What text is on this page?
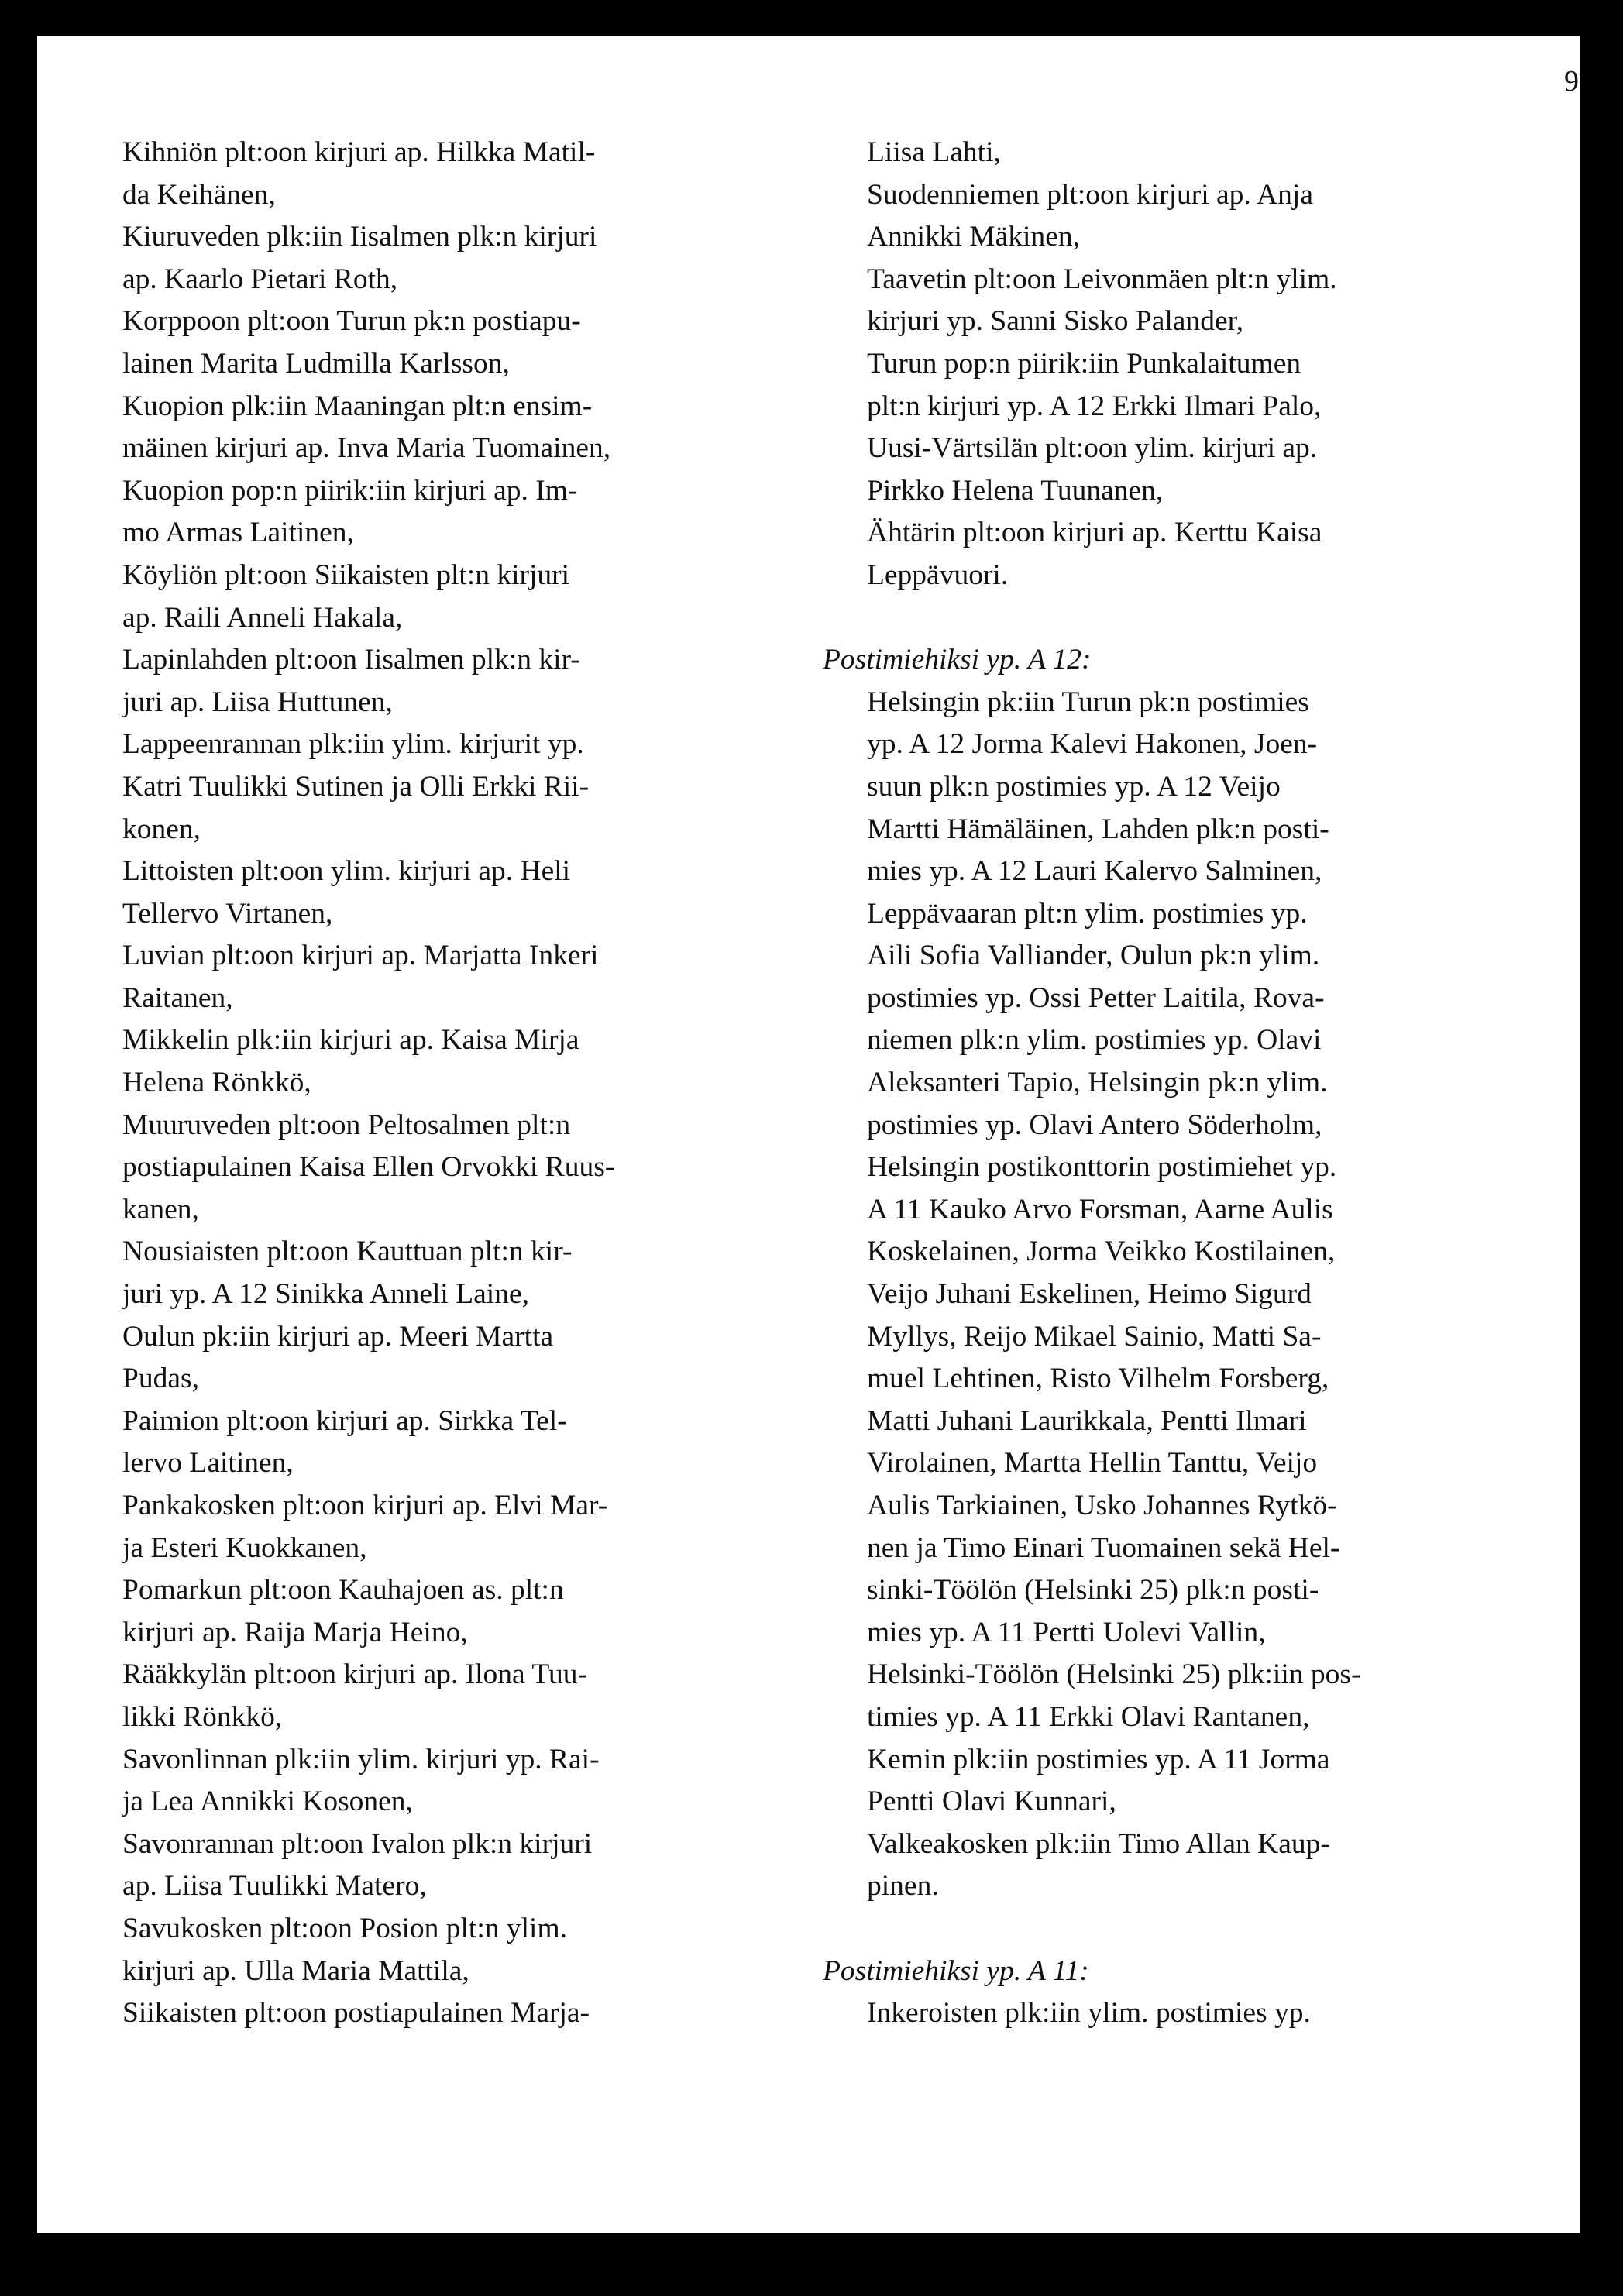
9
Kihniön plt:oon kirjuri ap. Hilkka Matil-
da Keihänen,
Kiuruveden plk:iin Iisalmen plk:n kirjuri
ap. Kaarlo Pietari Roth,
Korppoon plt:oon Turun pk:n postiapu-
lainen Marita Ludmilla Karlsson,
Kuopion plk:iin Maaningan plt:n ensim-
mäinen kirjuri ap. Inva Maria Tuomainen,
Kuopion pop:n piirik:iin kirjuri ap. Im-
mo Armas Laitinen,
Köyliön plt:oon Siikaisten plt:n kirjuri
ap. Raili Anneli Hakala,
Lapinlahden plt:oon Iisalmen plk:n kir-
juri ap. Liisa Huttunen,
Lappeenrannan plk:iin ylim. kirjurit yp.
Katri Tuulikki Sutinen ja Olli Erkki Rii-
konen,
Littoisten plt:oon ylim. kirjuri ap. Heli
Tellervo Virtanen,
Luvian plt:oon kirjuri ap. Marjatta Inkeri
Raitanen,
Mikkelin plk:iin kirjuri ap. Kaisa Mirja
Helena Rönkkö,
Muuruveden plt:oon Peltosalmen plt:n
postiapulainen Kaisa Ellen Orvokki Ruus-
kanen,
Nousiaisten plt:oon Kauttuan plt:n kir-
juri yp. A 12 Sinikka Anneli Laine,
Oulun pk:iin kirjuri ap. Meeri Martta
Pudas,
Paimion plt:oon kirjuri ap. Sirkka Tel-
lervo Laitinen,
Pankakosken plt:oon kirjuri ap. Elvi Mar-
ja Esteri Kuokkanen,
Pomarkun plt:oon Kauhajoen as. plt:n
kirjuri ap. Raija Marja Heino,
Rääkkylän plt:oon kirjuri ap. Ilona Tuu-
likki Rönkkö,
Savonlinnan plk:iin ylim. kirjuri yp. Rai-
ja Lea Annikki Kosonen,
Savonrannan plt:oon Ivalon plk:n kirjuri
ap. Liisa Tuulikki Matero,
Savukosken plt:oon Posion plt:n ylim.
kirjuri ap. Ulla Maria Mattila,
Siikaisten plt:oon postiapulainen Marja-
Liisa Lahti,
Suodenniemen plt:oon kirjuri ap. Anja
Annikki Mäkinen,
Taavetin plt:oon Leivonmäen plt:n ylim.
kirjuri yp. Sanni Sisko Palander,
Turun pop:n piirik:iin Punkalaitumen
plt:n kirjuri yp. A 12 Erkki Ilmari Palo,
Uusi-Värtsilän plt:oon ylim. kirjuri ap.
Pirkko Helena Tuunanen,
Ähtärin plt:oon kirjuri ap. Kerttu Kaisa
Leppävuori.
Postimiehiksi yp. A 12:
Helsingin pk:iin Turun pk:n postimies
yp. A 12 Jorma Kalevi Hakonen, Joen-
suun plk:n postimies yp. A 12 Veijo
Martti Hämäläinen, Lahden plk:n posti-
mies yp. A 12 Lauri Kalervo Salminen,
Leppävaaran plt:n ylim. postimies yp.
Aili Sofia Valliander, Oulun pk:n ylim.
postimies yp. Ossi Petter Laitila, Rova-
niemen plk:n ylim. postimies yp. Olavi
Aleksanteri Tapio, Helsingin pk:n ylim.
postimies yp. Olavi Antero Söderholm,
Helsingin postikonttorin postimiehet yp.
A 11 Kauko Arvo Forsman, Aarne Aulis
Koskelainen, Jorma Veikko Kostilainen,
Veijo Juhani Eskelinen, Heimo Sigurd
Myllys, Reijo Mikael Sainio, Matti Sa-
muel Lehtinen, Risto Vilhelm Forsberg,
Matti Juhani Laurikkala, Pentti Ilmari
Virolainen, Martta Hellin Tanttu, Veijo
Aulis Tarkiainen, Usko Johannes Rytkö-
nen ja Timo Einari Tuomainen sekä Hel-
sinki-Töölön (Helsinki 25) plk:n posti-
mies yp. A 11 Pertti Uolevi Vallin,
Helsinki-Töölön (Helsinki 25) plk:iin pos-
timies yp. A 11 Erkki Olavi Rantanen,
Kemin plk:iin postimies yp. A 11 Jorma
Pentti Olavi Kunnari,
Valkeakosken plk:iin Timo Allan Kaup-
pinen.
Postimiehiksi yp. A 11:
Inkeroisten plk:iin ylim. postimies yp.
